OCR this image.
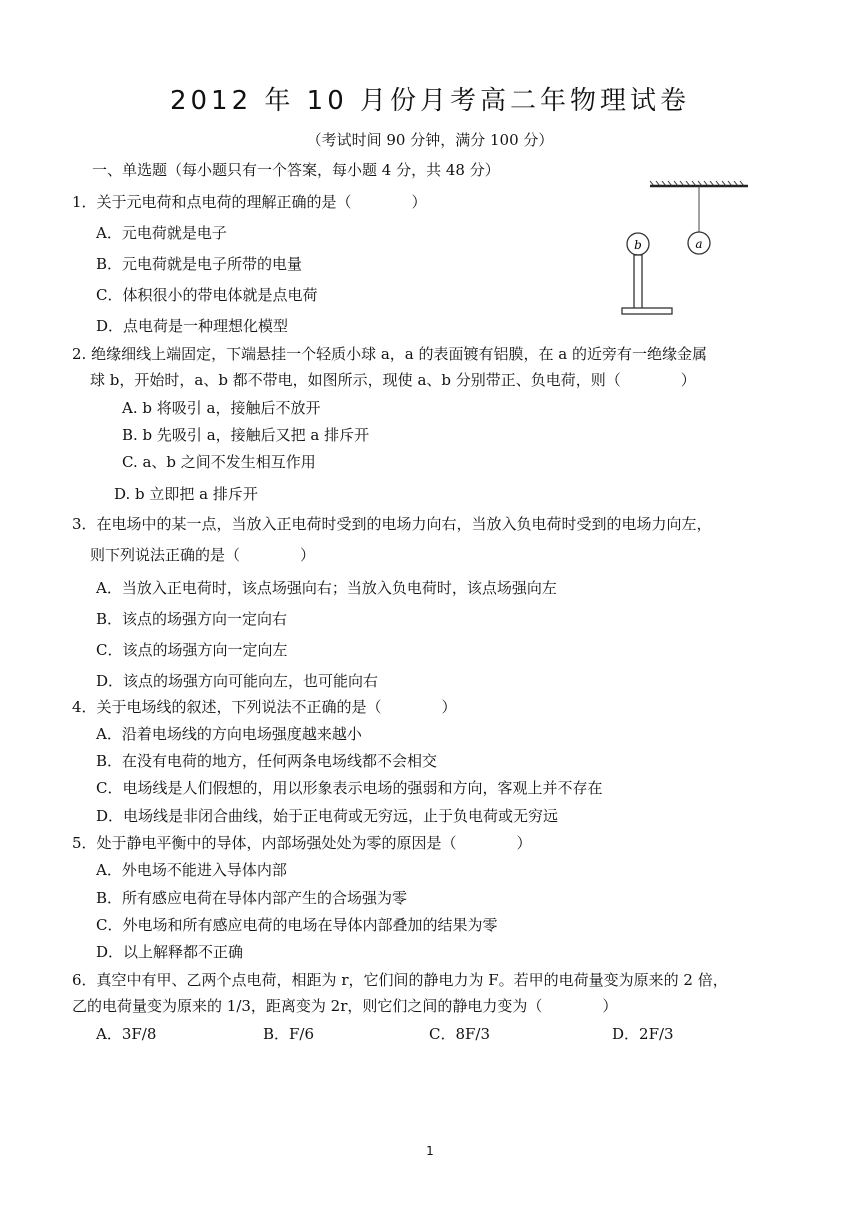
2012 年 10 月份月考高二年物理试卷
（考试时间 90 分钟，满分 100 分）
一、单选题（每小题只有一个答案，每小题 4 分，共 48 分）
a
b
1．关于元电荷和点电荷的理解正确的是（　　　　）
A．元电荷就是电子
B．元电荷就是电子所带的电量
C．体积很小的带电体就是点电荷
D．点电荷是一种理想化模型
2. 绝缘细线上端固定，下端悬挂一个轻质小球 a，a 的表面镀有铝膜，在 a 的近旁有一绝缘金属
球 b，开始时，a、b 都不带电，如图所示，现使 a、b 分别带正、负电荷，则（　　　　）
A. b 将吸引 a，接触后不放开
B. b 先吸引 a，接触后又把 a 排斥开
C. a、b 之间不发生相互作用
D. b 立即把 a 排斥开
3．在电场中的某一点，当放入正电荷时受到的电场力向右，当放入负电荷时受到的电场力向左，
则下列说法正确的是（　　　　）
A．当放入正电荷时，该点场强向右；当放入负电荷时，该点场强向左
B．该点的场强方向一定向右
C．该点的场强方向一定向左
D．该点的场强方向可能向左，也可能向右
4．关于电场线的叙述，下列说法不正确的是（　　　　）
A．沿着电场线的方向电场强度越来越小
B．在没有电荷的地方，任何两条电场线都不会相交
C．电场线是人们假想的，用以形象表示电场的强弱和方向，客观上并不存在
D．电场线是非闭合曲线，始于正电荷或无穷远，止于负电荷或无穷远
5．处于静电平衡中的导体，内部场强处处为零的原因是（　　　　）
A．外电场不能进入导体内部
B．所有感应电荷在导体内部产生的合场强为零
C．外电场和所有感应电荷的电场在导体内部叠加的结果为零
D．以上解释都不正确
6．真空中有甲、乙两个点电荷，相距为 r，它们间的静电力为 F。若甲的电荷量变为原来的 2 倍，
乙的电荷量变为原来的 1/3，距离变为 2r，则它们之间的静电力变为（　　　　）
A．3F/8	B．F/6	C．8F/3	D．2F/3
1
